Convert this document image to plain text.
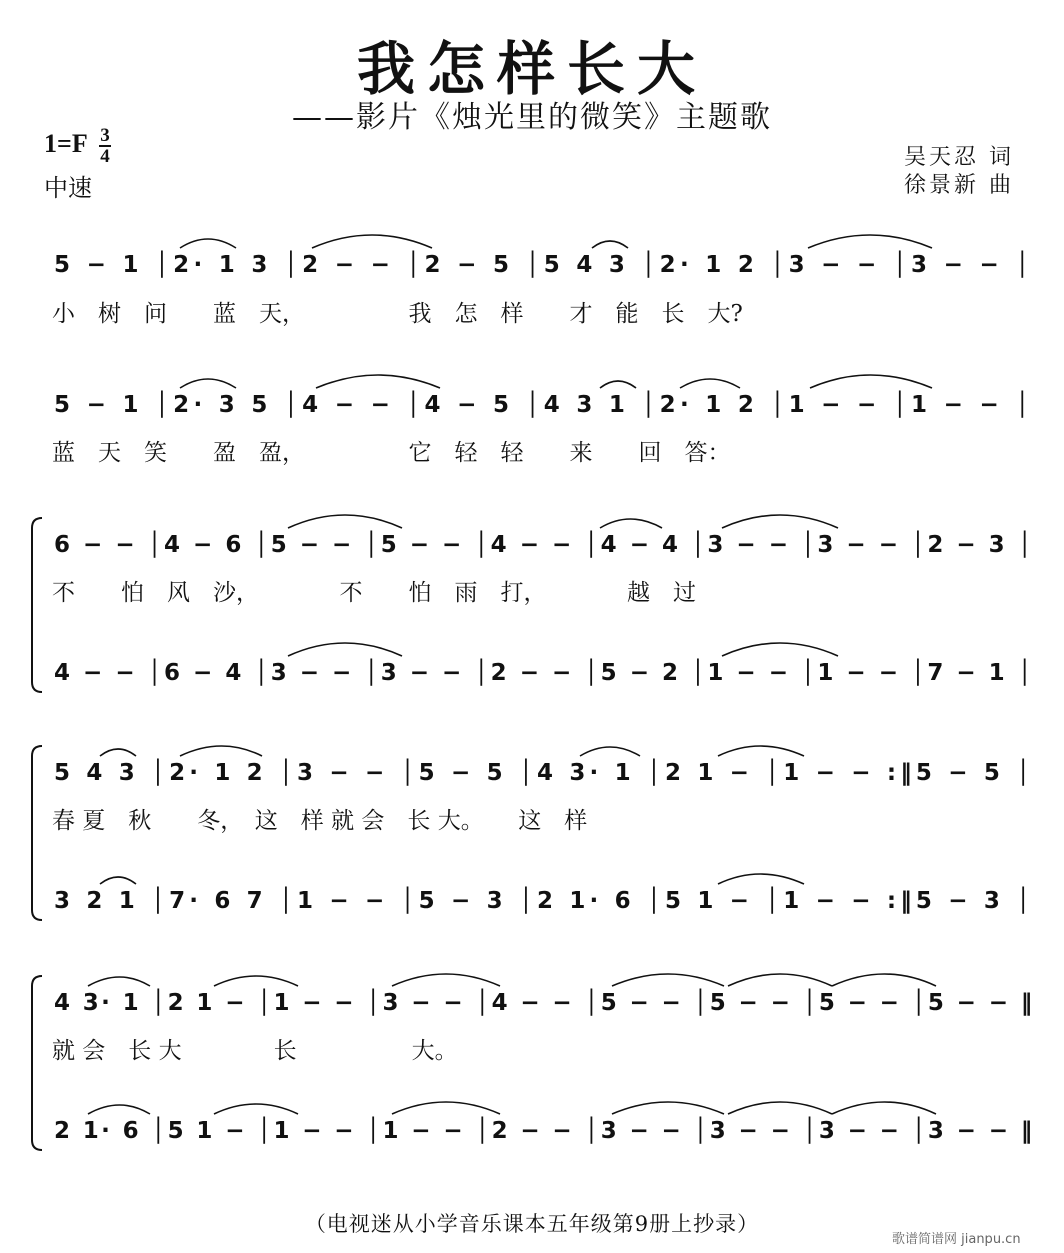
我怎样长大
——影片《烛光里的微笑》主题歌
$1=F \frac{3}{4}$
中速
吴天忍 词
徐景新 曲
5 − 1 │2· 1 3 │2 − − │2 − 5 │5 4 3 │2· 1 2 │3 − − │3 − − │
小　树　问　　蓝　天，　　　　　我　怎　样　　才　能　长　大?
5 − 1 │2· 3 5 │4 − − │4 − 5 │4 3 1 │2· 1 2 │1 − − │1 − − │
蓝　天　笑　　盈　盈，　　　　　它　轻　轻　　来　　回　答：
6 − − │4 − 6 │5 − − │5 − − │4 − − │4 − 4 │3 − − │3 − − │2 − 3 │
不　　怕　风　沙，　　　　不　　怕　雨　打，　　　　越　过
4 − − │6 − 4 │3 − − │3 − − │2 − − │5 − 2 │1 − − │1 − − │7 − 1 │
5 4 3 │2· 1 2 │3 − − │5 − 5 │4 3· 1 │2 1 − │1 − − :‖5 − 5 │
春 夏　秋　　冬，　这　样 就 会　长 大。　　这　样
3 2 1 │7· 6 7 │1 − − │5 − 3 │2 1· 6 │5 1 − │1 − − :‖5 − 3 │
4 3· 1 │2 1 − │1 − − │3 − − │4 − − │5 − − │5 − − │5 − − │5 − − ‖
就 会　长 大　　　　长　　　　　大。
2 1· 6 │5 1 − │1 − − │1 − − │2 − − │3 − − │3 − − │3 − − │3 − − ‖
（电视迷从小学音乐课本五年级第9册上抄录）
歌谱简谱网 jianpu.cn
